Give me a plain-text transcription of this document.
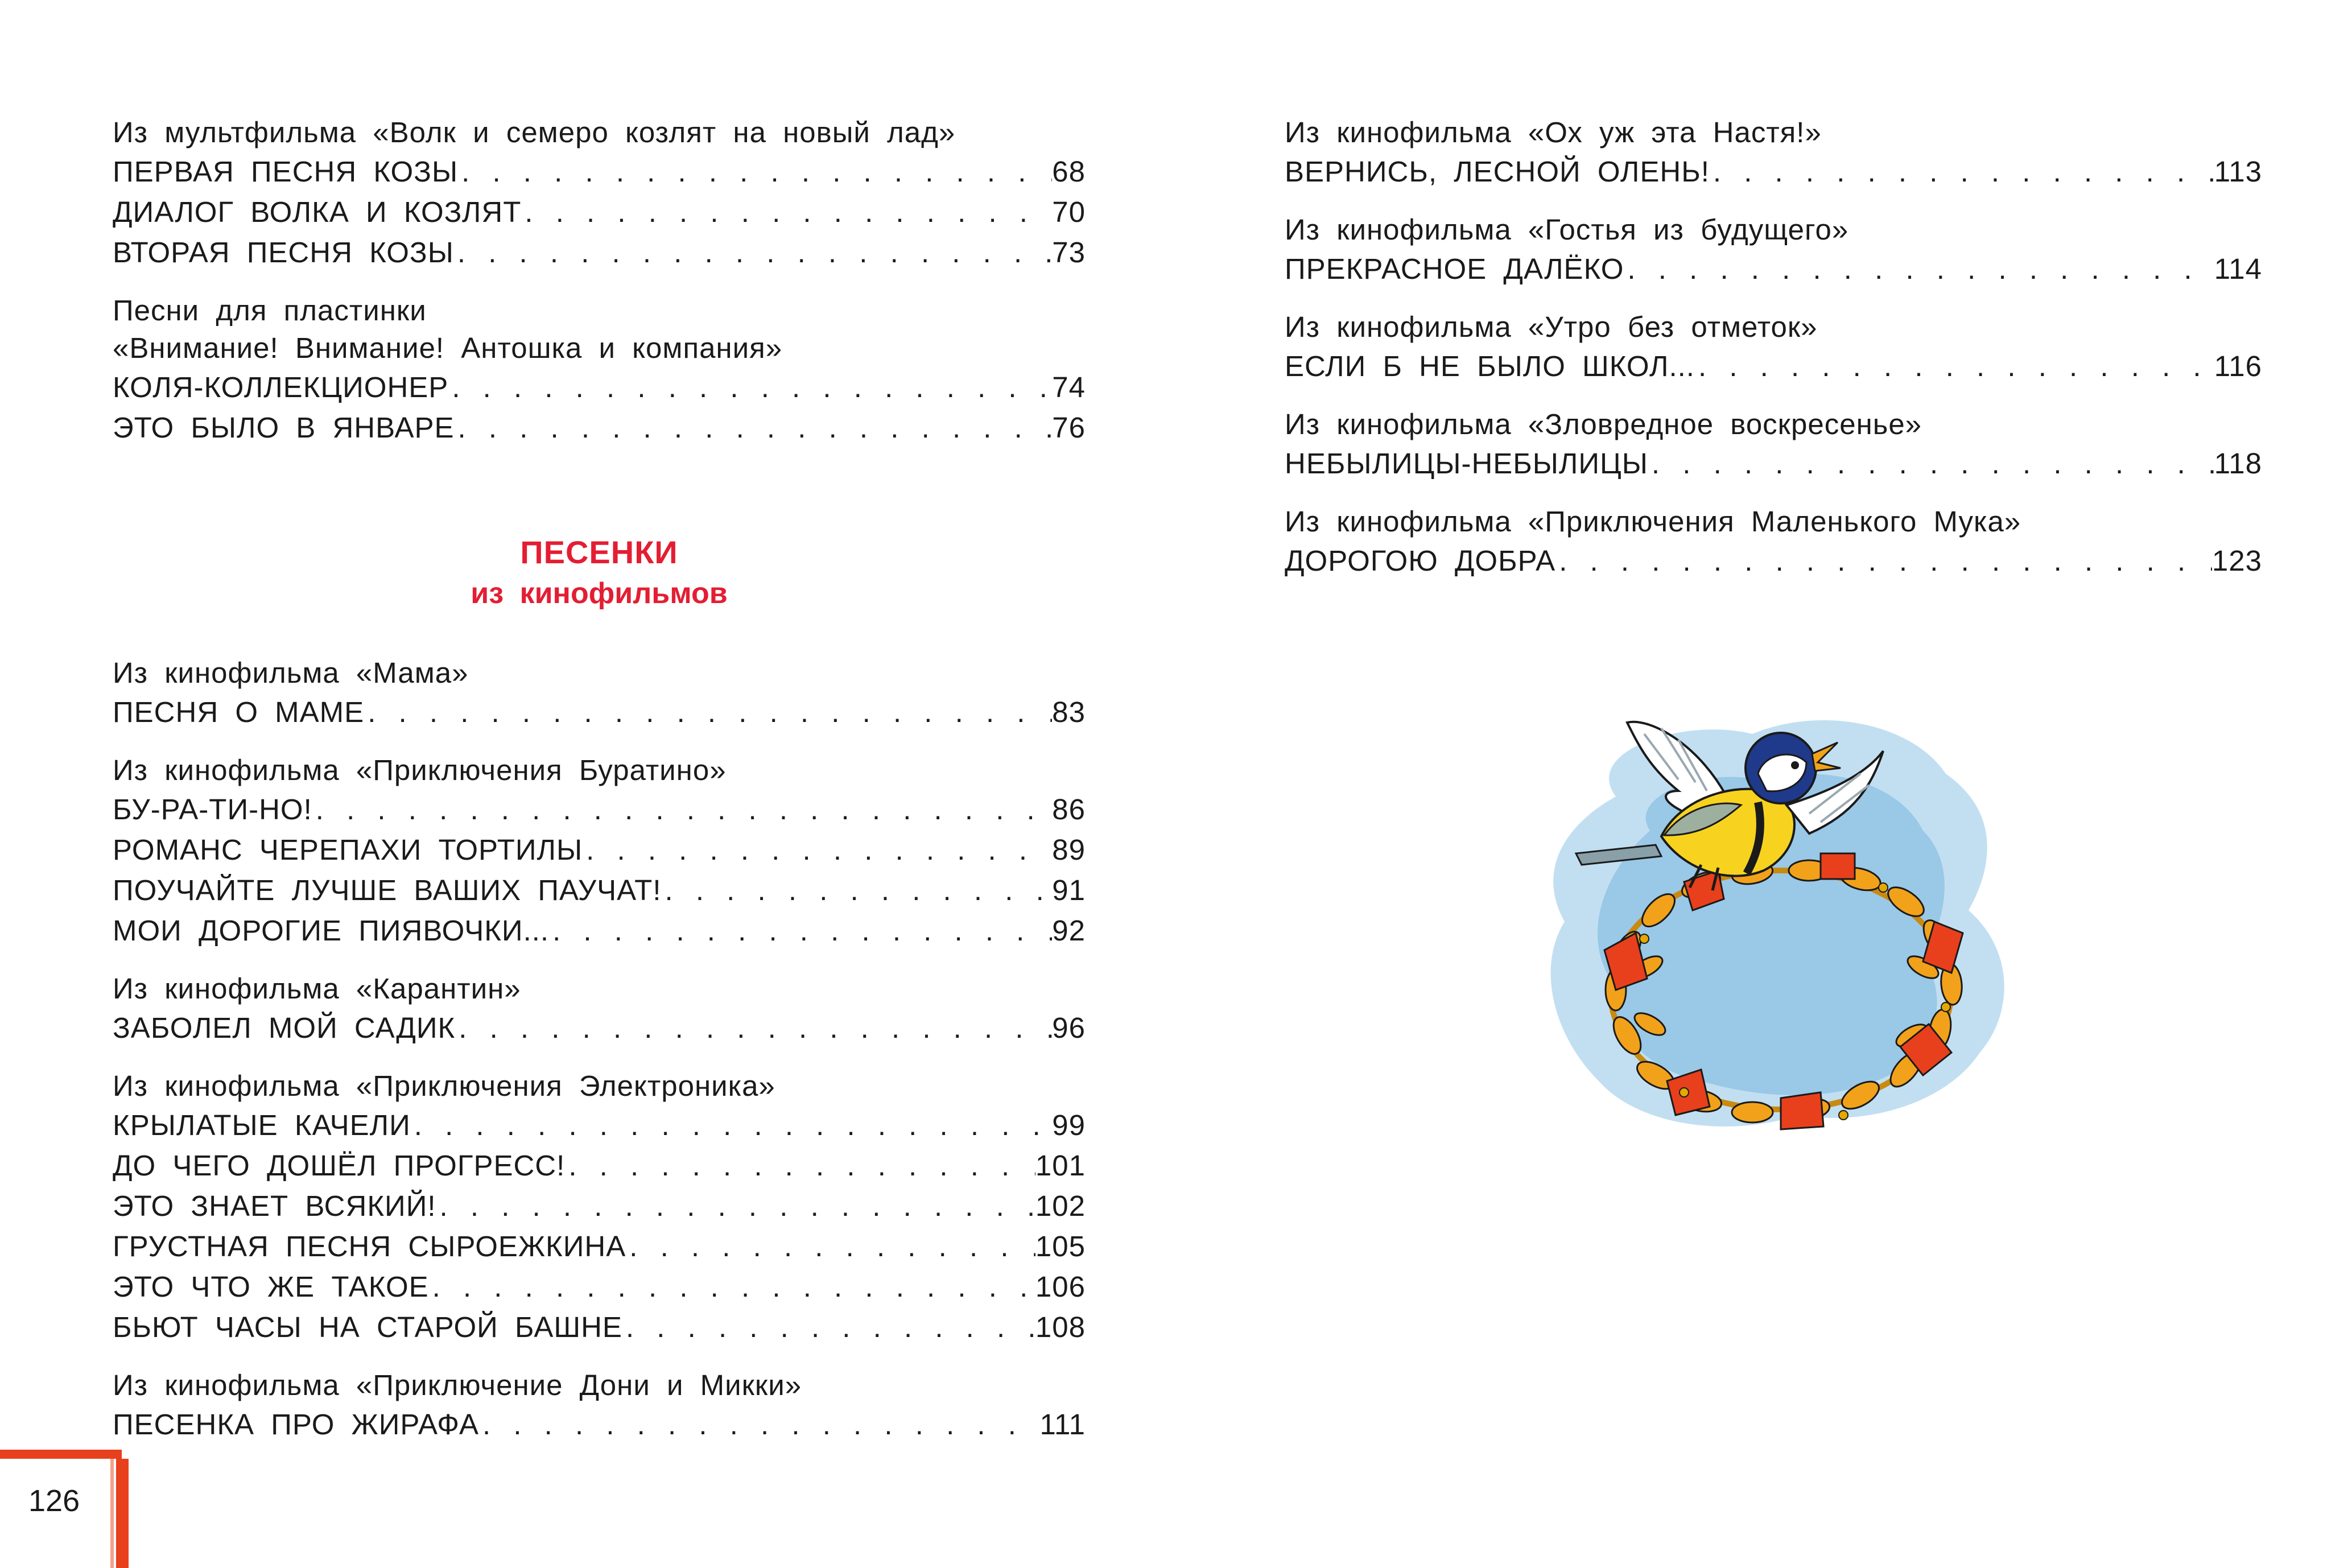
Из мультфильма «Волк и семеро козлят на новый лад»
ПЕРВАЯ ПЕСНЯ КОЗЫ . . .	68
ДИАЛОГ ВОЛКА И КОЗЛЯТ . . .	70
ВТОРАЯ ПЕСНЯ КОЗЫ . . .	73
Песни для пластинки
«Внимание! Внимание! Антошка и компания»
КОЛЯ-КОЛЛЕКЦИОНЕР . . .	74
ЭТО БЫЛО В ЯНВАРЕ . . .	76
ПЕСЕНКИ
из кинофильмов
Из кинофильма «Мама»
ПЕСНЯ О МАМЕ . . .	83
Из кинофильма «Приключения Буратино»
БУ-РА-ТИ-НО! . . .	86
РОМАНС ЧЕРЕПАХИ ТОРТИЛЫ . . .	89
ПОУЧАЙТЕ ЛУЧШЕ ВАШИХ ПАУЧАТ! . . .	91
МОИ ДОРОГИЕ ПИЯВОЧКИ... . . .	92
Из кинофильма «Карантин»
ЗАБОЛЕЛ МОЙ САДИК . . .	96
Из кинофильма «Приключения Электроника»
КРЫЛАТЫЕ КАЧЕЛИ . . .	99
ДО ЧЕГО ДОШЁЛ ПРОГРЕСС! . . .	101
ЭТО ЗНАЕТ ВСЯКИЙ! . . .	102
ГРУСТНАЯ ПЕСНЯ СЫРОЕЖКИНА . . .	105
ЭТО ЧТО ЖЕ ТАКОЕ . . .	106
БЬЮТ ЧАСЫ НА СТАРОЙ БАШНЕ . . .	108
Из кинофильма «Приключение Дони и Микки»
ПЕСЕНКА ПРО ЖИРАФА . . .	111
Из кинофильма «Ох уж эта Настя!»
ВЕРНИСЬ, ЛЕСНОЙ ОЛЕНЬ! . . .	113
Из кинофильма «Гостья из будущего»
ПРЕКРАСНОЕ ДАЛЁКО . . .	114
Из кинофильма «Утро без отметок»
ЕСЛИ Б НЕ БЫЛО ШКОЛ... . . .	116
Из кинофильма «Зловредное воскресенье»
НЕБЫЛИЦЫ-НЕБЫЛИЦЫ . . .	118
Из кинофильма «Приключения Маленького Мука»
ДОРОГОЮ ДОБРА . . .	123
126
